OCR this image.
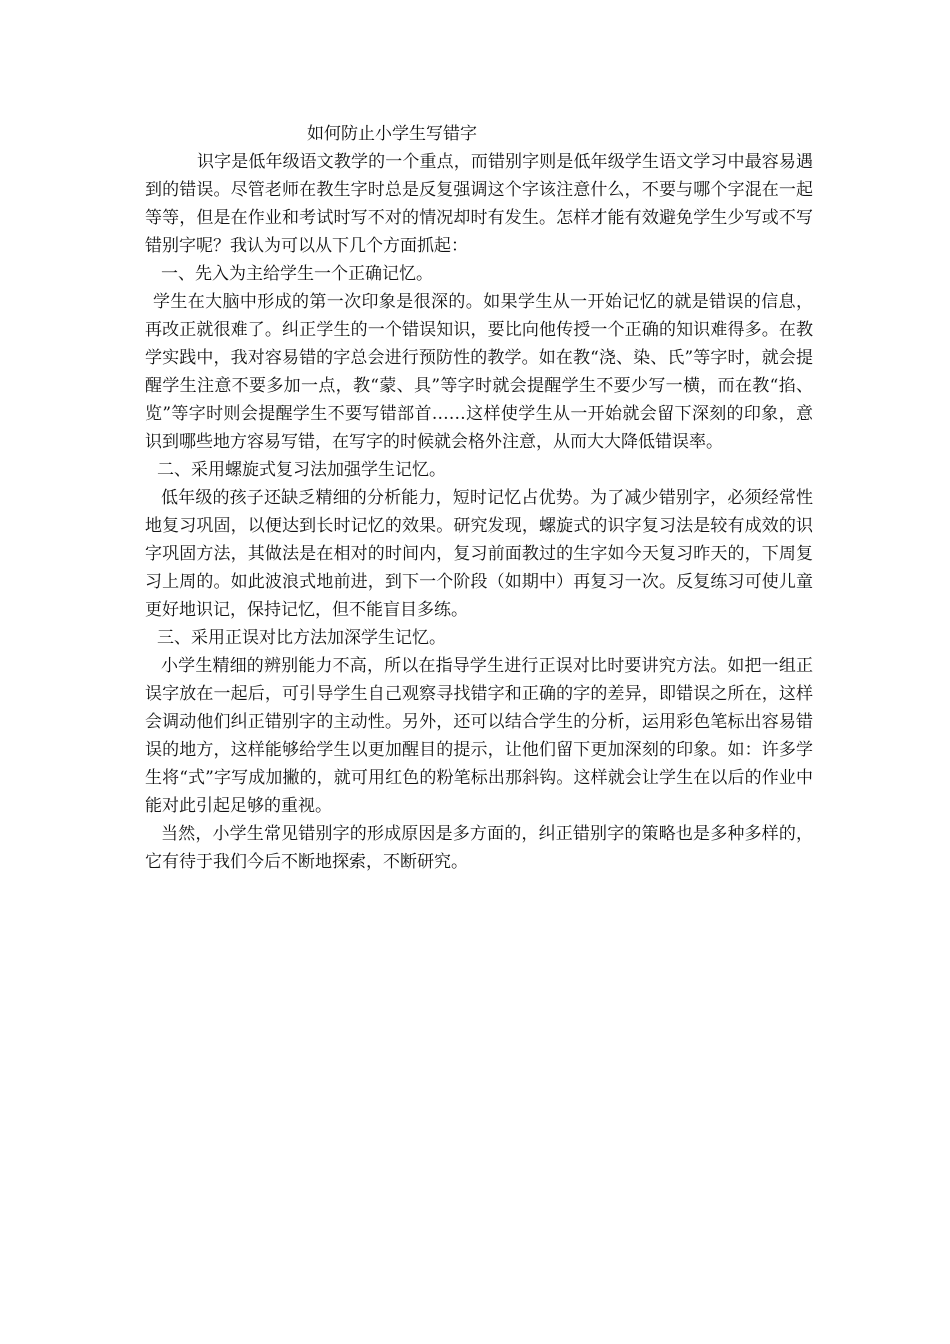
如何防止小学生写错字

识字是低年级语文教学的一个重点，而错别字则是低年级学生语文学习中最容易遇到的错误。尽管老师在教生字时总是反复强调这个字该注意什么，不要与哪个字混在一起等等，但是在作业和考试时写不对的情况却时有发生。怎样才能有效避免学生少写或不写错别字呢？我认为可以从下几个方面抓起：

一、先入为主给学生一个正确记忆。

学生在大脑中形成的第一次印象是很深的。如果学生从一开始记忆的就是错误的信息，再改正就很难了。纠正学生的一个错误知识，要比向他传授一个正确的知识难得多。在教学实践中，我对容易错的字总会进行预防性的教学。如在教“浇、染、氏”等字时，就会提醒学生注意不要多加一点，教“蒙、具”等字时就会提醒学生不要少写一横，而在教“掐、览”等字时则会提醒学生不要写错部首……这样使学生从一开始就会留下深刻的印象，意识到哪些地方容易写错，在写字的时候就会格外注意，从而大大降低错误率。

二、采用螺旋式复习法加强学生记忆。

低年级的孩子还缺乏精细的分析能力，短时记忆占优势。为了减少错别字，必须经常性地复习巩固，以便达到长时记忆的效果。研究发现，螺旋式的识字复习法是较有成效的识字巩固方法，其做法是在相对的时间内，复习前面教过的生字如今天复习昨天的，下周复习上周的。如此波浪式地前进，到下一个阶段（如期中）再复习一次。反复练习可使儿童更好地识记，保持记忆，但不能盲目多练。

三、采用正误对比方法加深学生记忆。

小学生精细的辨别能力不高，所以在指导学生进行正误对比时要讲究方法。如把一组正误字放在一起后，可引导学生自己观察寻找错字和正确的字的差异，即错误之所在，这样会调动他们纠正错别字的主动性。另外，还可以结合学生的分析，运用彩色笔标出容易错误的地方，这样能够给学生以更加醒目的提示，让他们留下更加深刻的印象。如：许多学生将“式”字写成加撇的，就可用红色的粉笔标出那斜钩。这样就会让学生在以后的作业中能对此引起足够的重视。

当然，小学生常见错别字的形成原因是多方面的，纠正错别字的策略也是多种多样的，它有待于我们今后不断地探索，不断研究。
